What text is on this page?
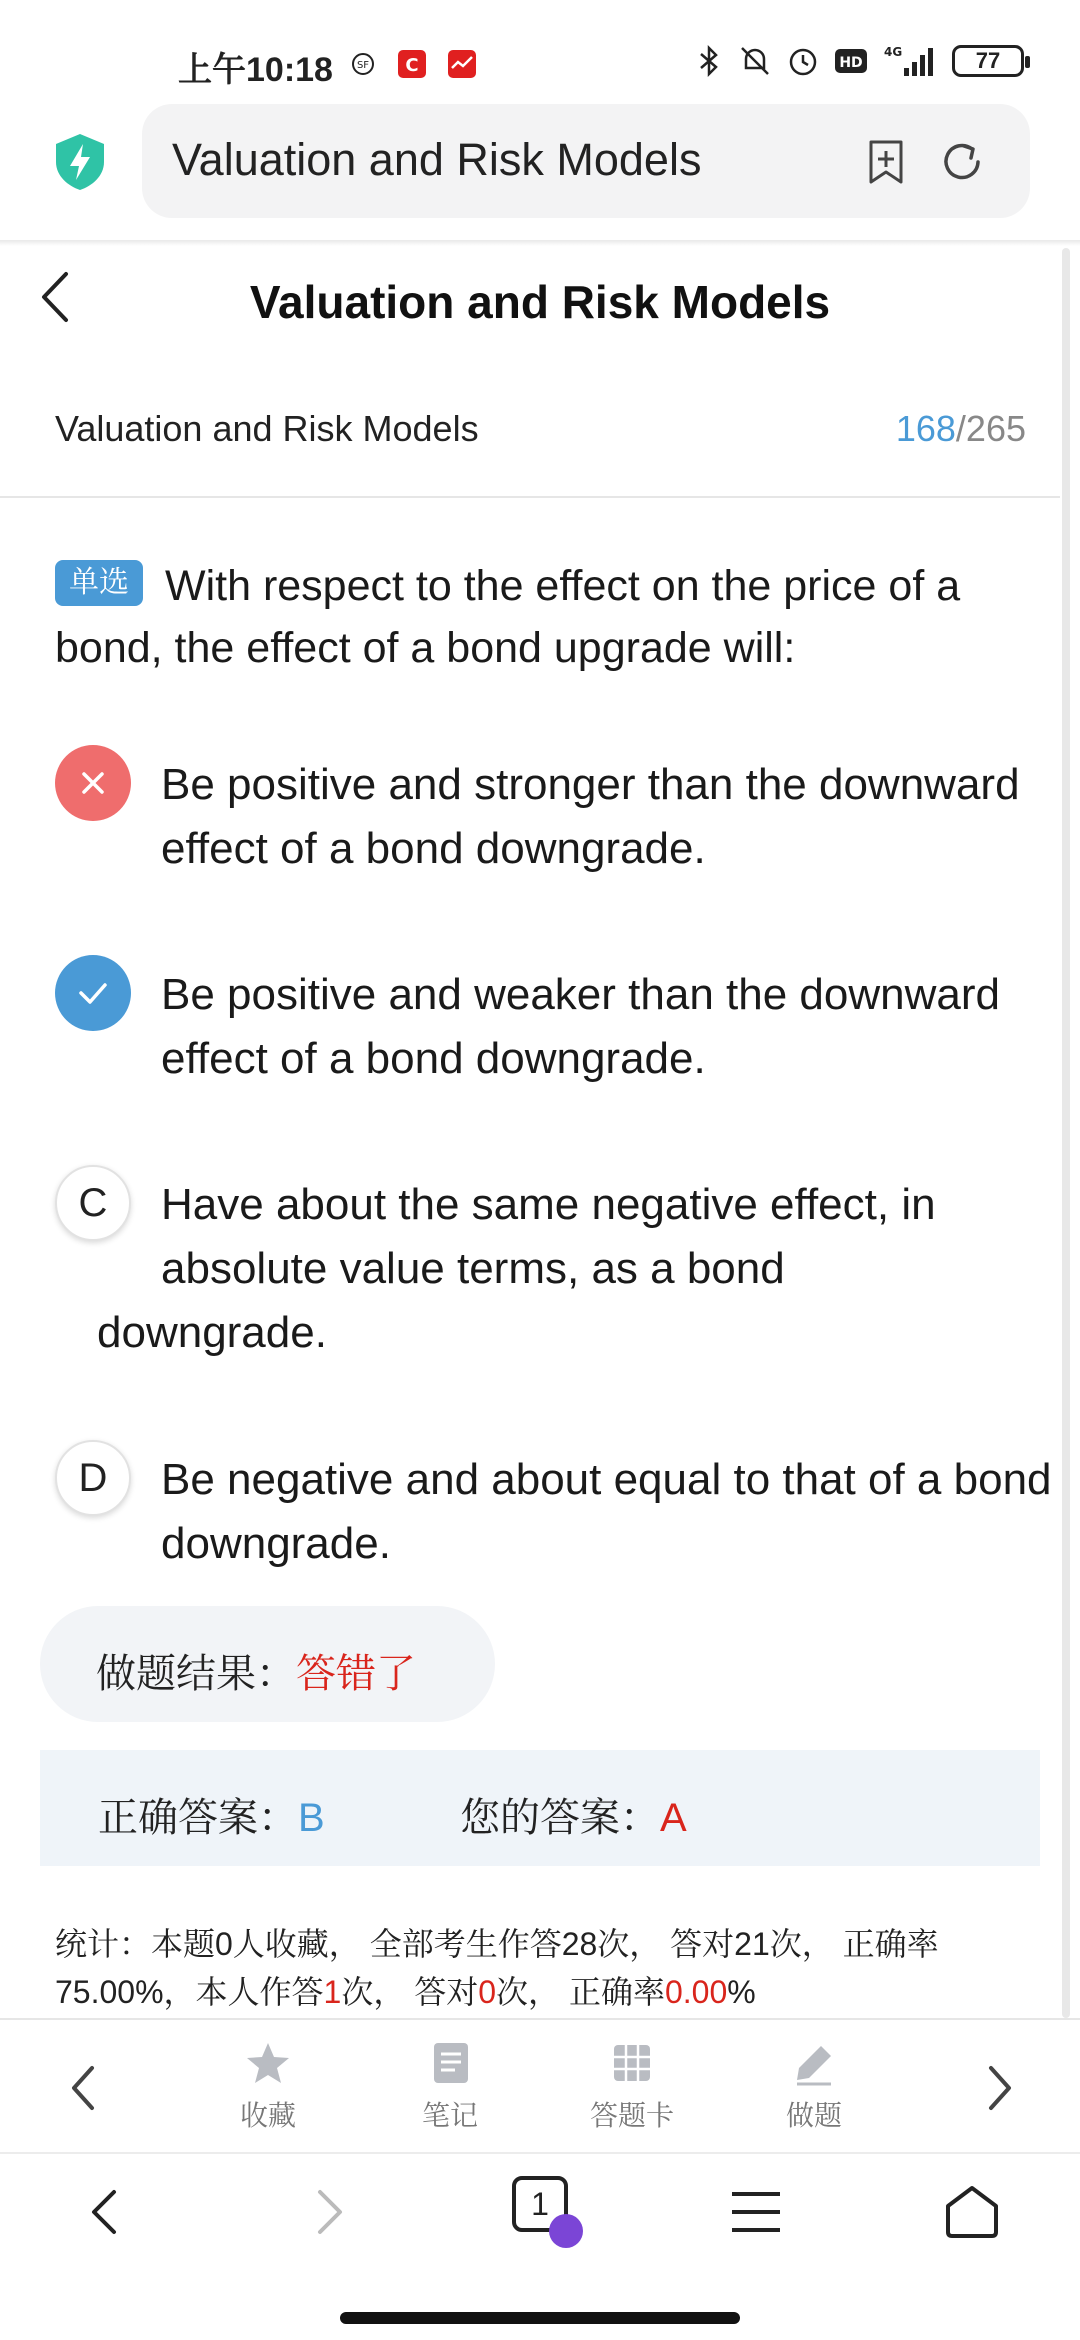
上午10:18 SF C	HD
4G	77
Valuation and Risk Models
Valuation and Risk Models
Valuation and Risk Models	168/265
单选 With respect to the effect on the price of a bond, the effect of a bond upgrade will:
Be positive and stronger than the downward effect of a bond downgrade.
Be positive and weaker than the downward effect of a bond downgrade.
C	Have about the same negative effect, in
absolute value terms, as a bond
downgrade.
D	Be negative and about equal to that of a bond downgrade.
做题结果：答错了
正确答案：B	您的答案：A
统计：本题0人收藏， 全部考生作答28次， 答对21次， 正确率75.00%，本人作答1次， 答对0次， 正确率0.00%
收藏	笔记	答题卡	做题
1
